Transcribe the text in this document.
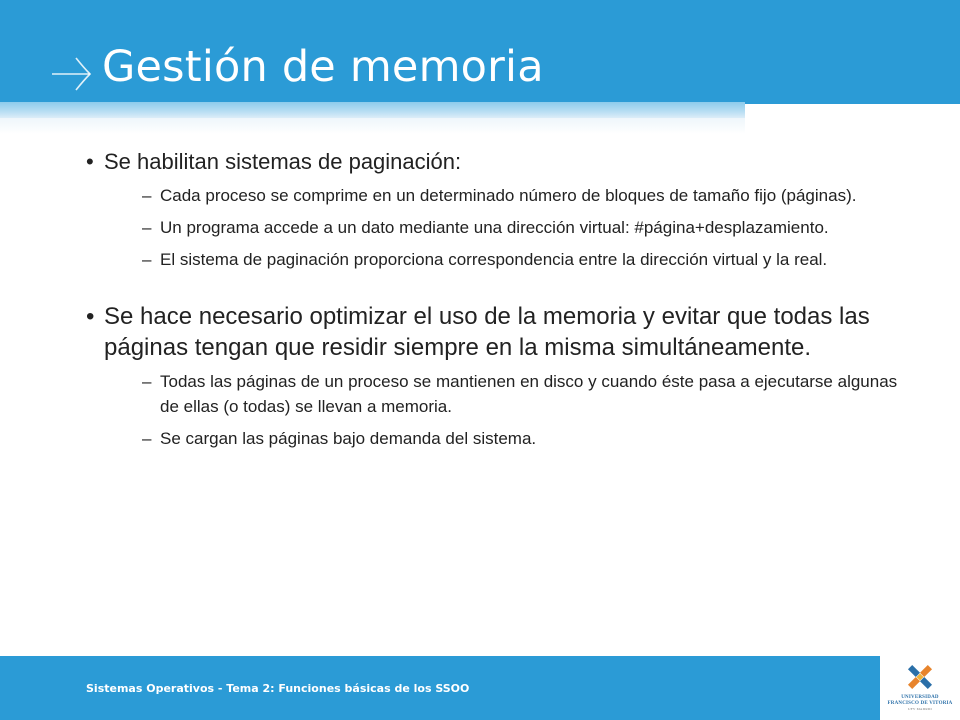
Gestión de memoria
• Se habilitan sistemas de paginación:
– Cada proceso se comprime en un determinado número de bloques de tamaño fijo (páginas).
– Un programa accede a un dato mediante una dirección virtual: #página+desplazamiento.
– El sistema de paginación proporciona correspondencia entre la dirección virtual y la real.
• Se hace necesario optimizar el uso de la memoria y evitar que todas las páginas tengan que residir siempre en la misma simultáneamente.
– Todas las páginas de un proceso se mantienen en disco y cuando éste pasa a ejecutarse algunas de ellas (o todas) se llevan a memoria.
– Se cargan las páginas bajo demanda del sistema.
Sistemas Operativos - Tema 2: Funciones básicas de los SSOO
UNIVERSIDAD
FRANCISCO DE VITORIA
UFV MADRID
